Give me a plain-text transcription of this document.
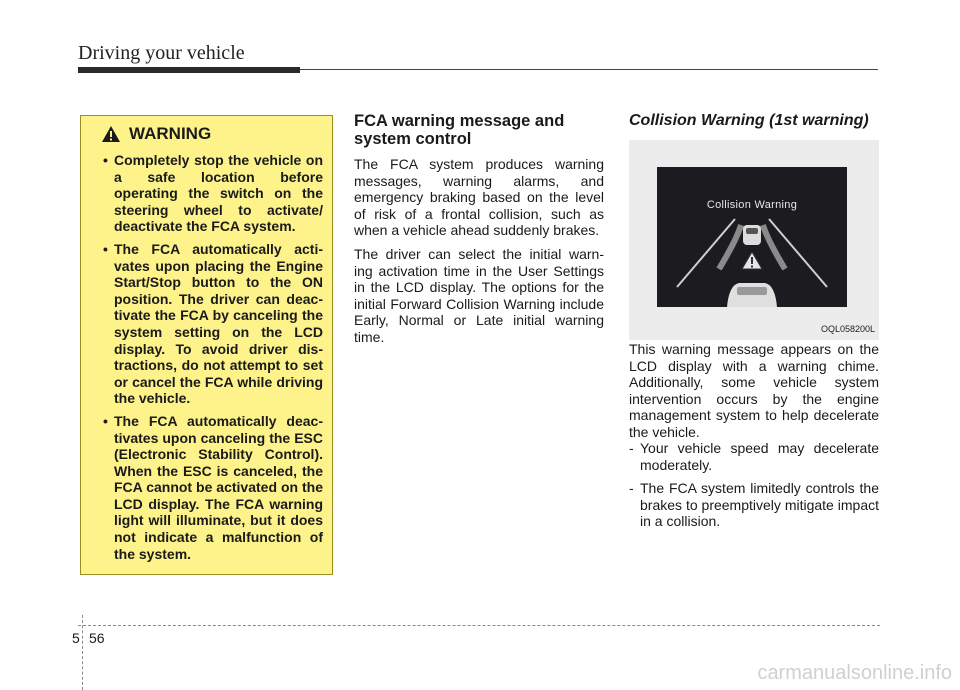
Driving your vehicle
WARNING
• Completely stop the vehicle on a safe location before operating the switch on the steering wheel to activate/ deactivate the FCA system.
• The FCA automatically acti- vates upon placing the Engine Start/Stop button to the ON position. The driver can deac- tivate the FCA by canceling the system setting on the LCD display. To avoid driver dis- tractions, do not attempt to set or cancel the FCA while driving the vehicle.
• The FCA automatically deac- tivates upon canceling the ESC (Electronic Stability Control). When the ESC is canceled, the FCA cannot be activated on the LCD display. The FCA warning light will illuminate, but it does not indicate a malfunction of the system.
FCA warning message and system control

The FCA system produces warning messages, warning alarms, and emergency braking based on the level of risk of a frontal collision, such as when a vehicle ahead suddenly brakes.

The driver can select the initial warn- ing activation time in the User Settings in the LCD display. The options for the initial Forward Collision Warning include Early, Normal or Late initial warning time.

Collision Warning (1st warning)

This warning message appears on the LCD display with a warning chime. Additionally, some vehicle system intervention occurs by the engine management system to help decelerate the vehicle.

- Your vehicle speed may decelerate moderately.
- The FCA system limitedly controls the brakes to preemptively mitigate impact in a collision.
Collision Warning
OQL058200L
5 56
carmanualsonline.info
